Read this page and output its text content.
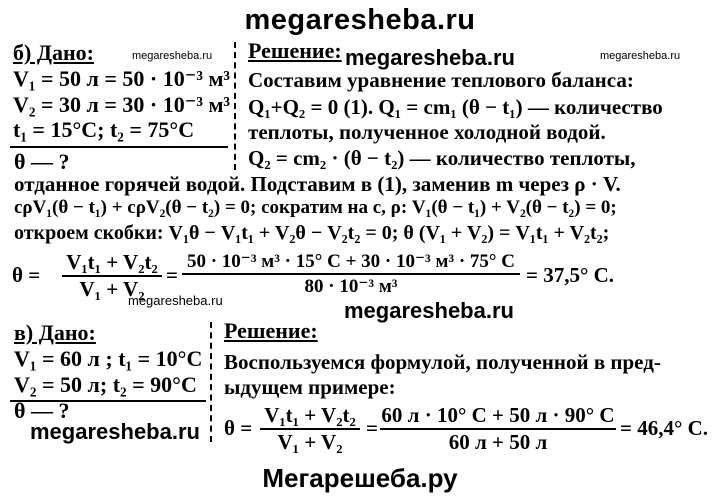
megaresheba.ru
б) Дано:	megaresheba.ru
V₁ = 50 л = 50 · 10⁻³ м³
V₂ = 30 л = 30 · 10⁻³ м³
t₁ = 15°C; t₂ = 75°C
θ — ?
Решение: megaresheba.ru	megaresheba.ru
Составим уравнение теплового баланса:
Q₁+Q₂ = 0 (1). Q₁ = cm₁ (θ − t₁) — количество
теплоты, полученное холодной водой.
Q₂ = cm₂ · (θ − t₂) — количество теплоты,
отданное горячей водой. Подставим в (1), заменив m через ρ · V.
cρV₁(θ − t₁) + cρV₂(θ − t₂) = 0; сократим на c, ρ: V₁(θ − t₁) + V₂(θ − t₂) = 0;
откроем скобки: V₁θ − V₁t₁ + V₂θ − V₂t₂ = 0; θ (V₁ + V₂) = V₁t₁ + V₂t₂;
θ =
V₁t₁ + V₂t₂
V₁ + V₂
=
50 · 10⁻³ м³ · 15° C + 30 · 10⁻³ м³ · 75° C
80 · 10⁻³ м³	= 37,5° C.
megaresheba.ru	megaresheba.ru
в) Дано:
V₁ = 60 л ; t₁ = 10°C
V₂ = 50 л; t₂ = 90°C
θ — ?
megaresheba.ru
Решение:
Воспользуемся формулой, полученной в пред-
ыдущем примере:
θ =
V₁t₁ + V₂t₂
V₁ + V₂
=
60 л · 10° C + 50 л · 90° C
60 л + 50 л
= 46,4° C.
Мегарешеба.ру
